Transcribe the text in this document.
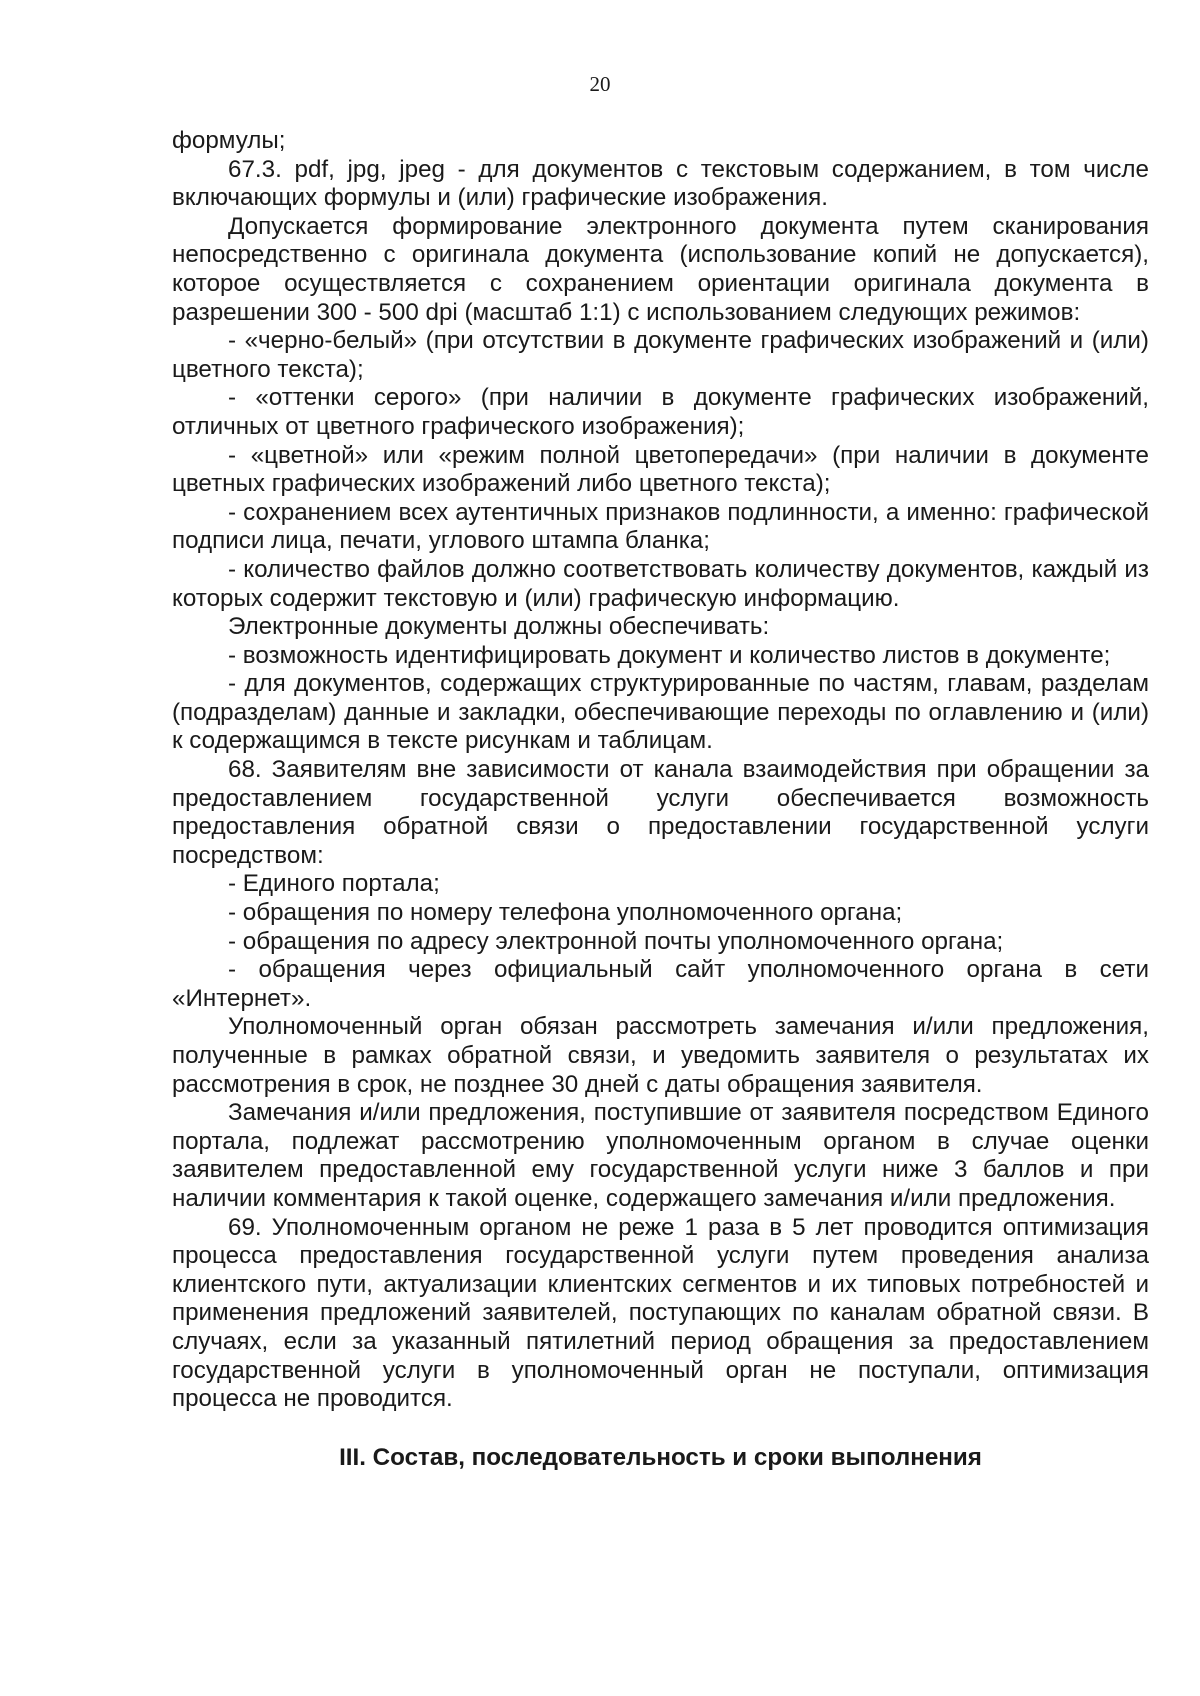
20

формулы;

67.3. pdf, jpg, jpeg - для документов с текстовым содержанием, в том числе включающих формулы и (или) графические изображения.

Допускается формирование электронного документа путем сканирования непосредственно с оригинала документа (использование копий не допускается), которое осуществляется с сохранением ориентации оригинала документа в разрешении 300 - 500 dpi (масштаб 1:1) с использованием следующих режимов:

- «черно-белый» (при отсутствии в документе графических изображений и (или) цветного текста);

- «оттенки серого» (при наличии в документе графических изображений, отличных от цветного графического изображения);

- «цветной» или «режим полной цветопередачи» (при наличии в документе цветных графических изображений либо цветного текста);

- сохранением всех аутентичных признаков подлинности, а именно: графической подписи лица, печати, углового штампа бланка;

- количество файлов должно соответствовать количеству документов, каждый из которых содержит текстовую и (или) графическую информацию.

Электронные документы должны обеспечивать:

- возможность идентифицировать документ и количество листов в документе;

- для документов, содержащих структурированные по частям, главам, разделам (подразделам) данные и закладки, обеспечивающие переходы по оглавлению и (или) к содержащимся в тексте рисункам и таблицам.

68. Заявителям вне зависимости от канала взаимодействия при обращении за предоставлением государственной услуги обеспечивается возможность предоставления обратной связи о предоставлении государственной услуги посредством:

- Единого портала;

- обращения по номеру телефона уполномоченного органа;

- обращения по адресу электронной почты уполномоченного органа;

- обращения через официальный сайт уполномоченного органа в сети «Интернет».

Уполномоченный орган обязан рассмотреть замечания и/или предложения, полученные в рамках обратной связи, и уведомить заявителя о результатах их рассмотрения в срок, не позднее 30 дней с даты обращения заявителя.

Замечания и/или предложения, поступившие от заявителя посредством Единого портала, подлежат рассмотрению уполномоченным органом в случае оценки заявителем предоставленной ему государственной услуги ниже 3 баллов и при наличии комментария к такой оценке, содержащего замечания и/или предложения.

69. Уполномоченным органом не реже 1 раза в 5 лет проводится оптимизация процесса предоставления государственной услуги путем проведения анализа клиентского пути, актуализации клиентских сегментов и их типовых потребностей и применения предложений заявителей, поступающих по каналам обратной связи. В случаях, если за указанный пятилетний период обращения за предоставлением государственной услуги в уполномоченный орган не поступали, оптимизация процесса не проводится.

III. Состав, последовательность и сроки выполнения
